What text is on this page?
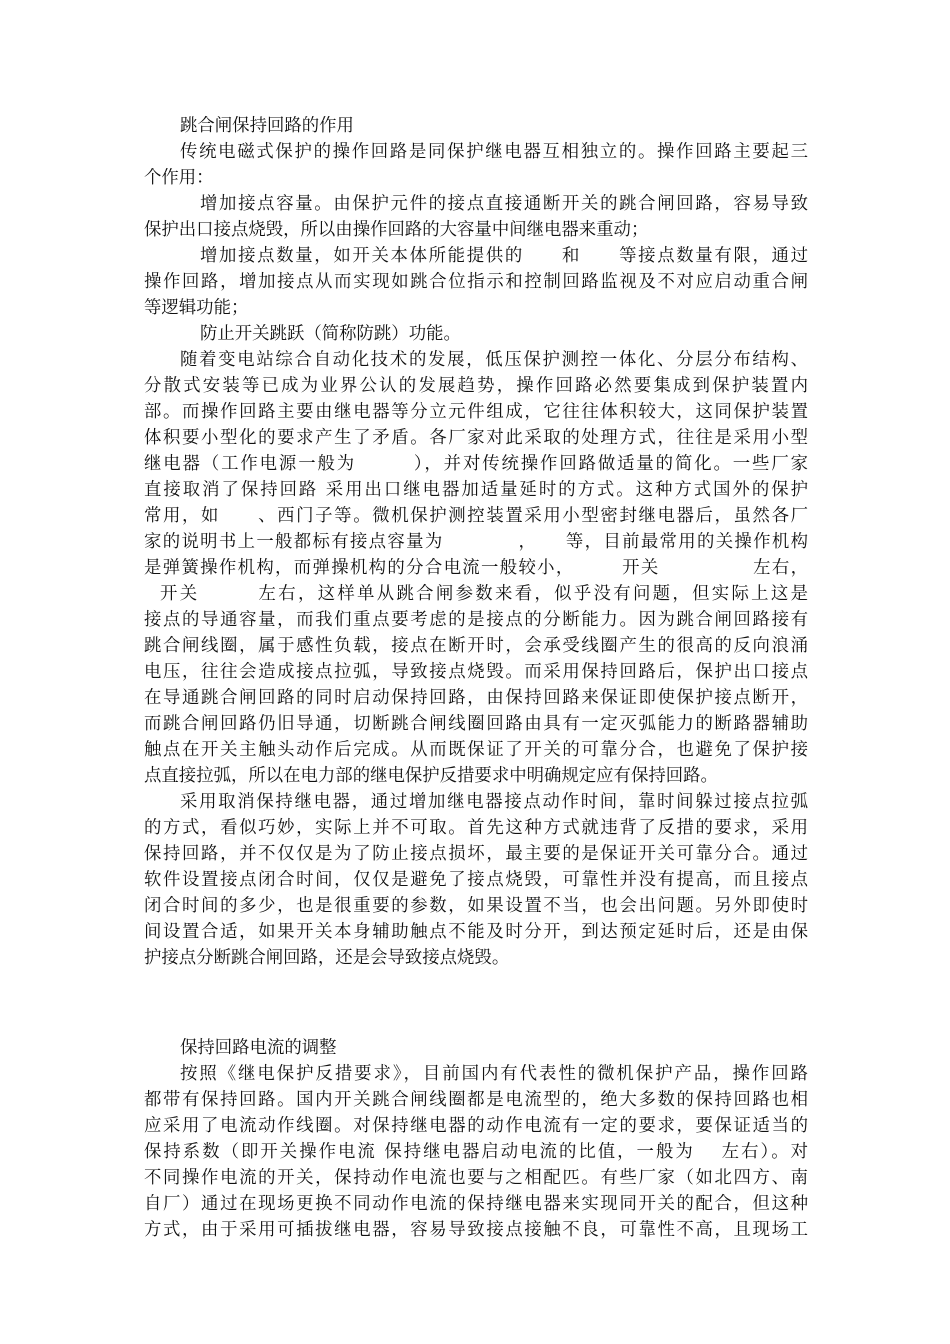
跳合闸保持回路的作用
传统电磁式保护的操作回路是同保护继电器互相独立的。操作回路主要起三
个作用：
增加接点容量。由保护元件的接点直接通断开关的跳合闸回路，容易导致
保护出口接点烧毁，所以由操作回路的大容量中间继电器来重动；
增加接点数量，如开关本体所能提供的　　和　　等接点数量有限，通过
操作回路，增加接点从而实现如跳合位指示和控制回路监视及不对应启动重合闸
等逻辑功能；
防止开关跳跃（简称防跳）功能。
随着变电站综合自动化技术的发展，低压保护测控一体化、分层分布结构、
分散式安装等已成为业界公认的发展趋势，操作回路必然要集成到保护装置内
部。而操作回路主要由继电器等分立元件组成，它往往体积较大，这同保护装置
体积要小型化的要求产生了矛盾。各厂家对此采取的处理方式，往往是采用小型
继电器（工作电源一般为　　　），并对传统操作回路做适量的简化。一些厂家
直接取消了保持回路 采用出口继电器加适量延时的方式。这种方式国外的保护
常用，如　　、西门子等。微机保护测控装置采用小型密封继电器后，虽然各厂
家的说明书上一般都标有接点容量为　　　　，　　等，目前最常用的关操作机构
是弹簧操作机构，而弹操机构的分合电流一般较小，　　　开关　　　　　左右，
开关　　　左右，这样单从跳合闸参数来看，似乎没有问题，但实际上这是
接点的导通容量，而我们重点要考虑的是接点的分断能力。因为跳合闸回路接有
跳合闸线圈，属于感性负载，接点在断开时，会承受线圈产生的很高的反向浪涌
电压，往往会造成接点拉弧，导致接点烧毁。而采用保持回路后，保护出口接点
在导通跳合闸回路的同时启动保持回路，由保持回路来保证即使保护接点断开，
而跳合闸回路仍旧导通，切断跳合闸线圈回路由具有一定灭弧能力的断路器辅助
触点在开关主触头动作后完成。从而既保证了开关的可靠分合，也避免了保护接
点直接拉弧，所以在电力部的继电保护反措要求中明确规定应有保持回路。
采用取消保持继电器，通过增加继电器接点动作时间，靠时间躲过接点拉弧
的方式，看似巧妙，实际上并不可取。首先这种方式就违背了反措的要求，采用
保持回路，并不仅仅是为了防止接点损坏，最主要的是保证开关可靠分合。通过
软件设置接点闭合时间，仅仅是避免了接点烧毁，可靠性并没有提高，而且接点
闭合时间的多少，也是很重要的参数，如果设置不当，也会出问题。另外即使时
间设置合适，如果开关本身辅助触点不能及时分开，到达预定延时后，还是由保
护接点分断跳合闸回路，还是会导致接点烧毁。
保持回路电流的调整
按照《继电保护反措要求》，目前国内有代表性的微机保护产品，操作回路
都带有保持回路。国内开关跳合闸线圈都是电流型的，绝大多数的保持回路也相
应采用了电流动作线圈。对保持继电器的动作电流有一定的要求，要保证适当的
保持系数（即开关操作电流 保持继电器启动电流的比值，一般为　 左右）。对
不同操作电流的开关，保持动作电流也要与之相配匹。有些厂家（如北四方、南
自厂）通过在现场更换不同动作电流的保持继电器来实现同开关的配合，但这种
方式，由于采用可插拔继电器，容易导致接点接触不良，可靠性不高，且现场工
